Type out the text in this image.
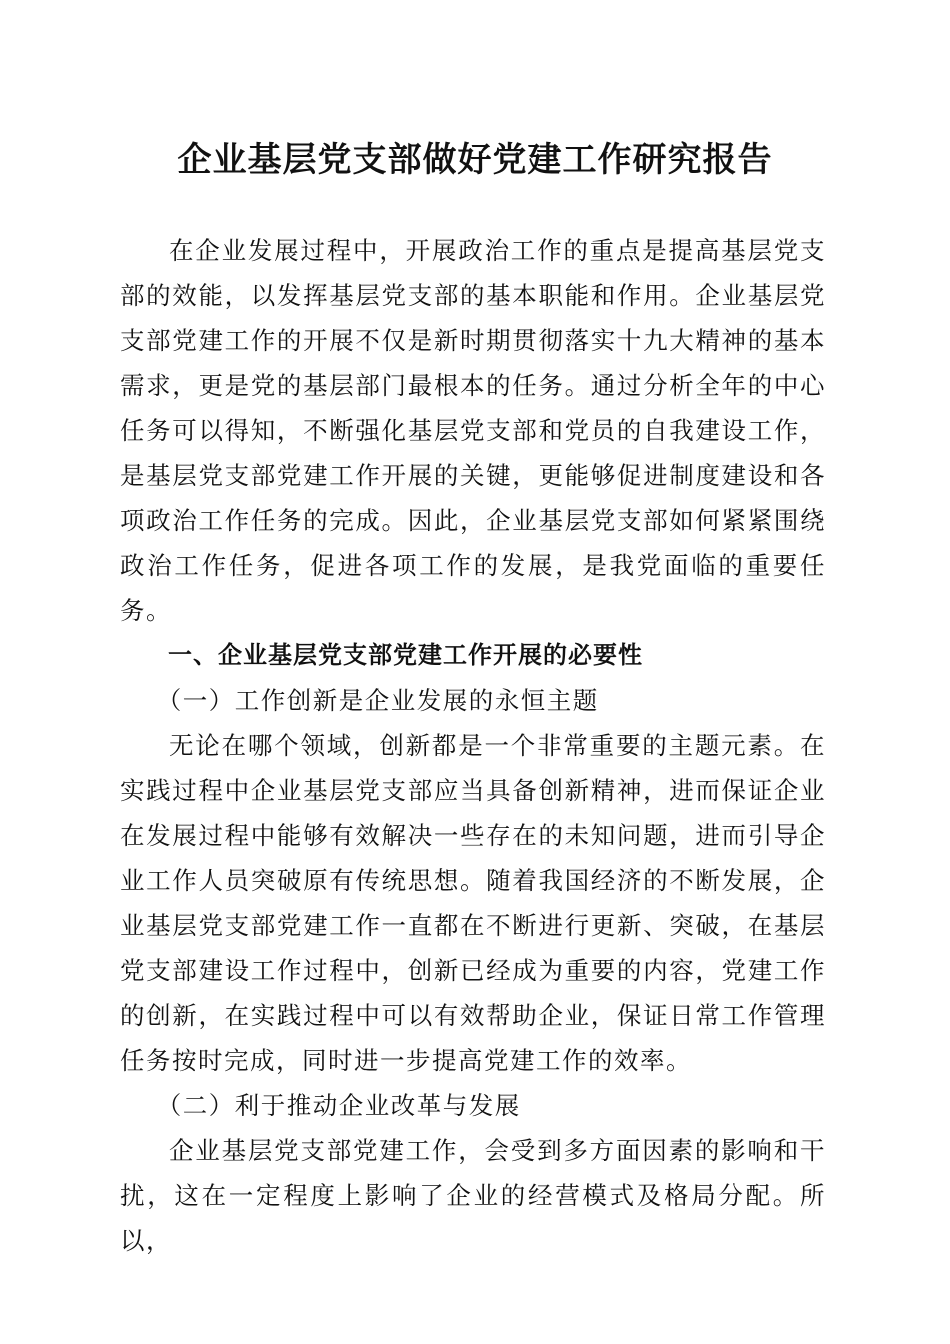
企业基层党支部做好党建工作研究报告

在企业发展过程中，开展政治工作的重点是提高基层党支部的效能，以发挥基层党支部的基本职能和作用。企业基层党支部党建工作的开展不仅是新时期贯彻落实十九大精神的基本需求，更是党的基层部门最根本的任务。通过分析全年的中心任务可以得知，不断强化基层党支部和党员的自我建设工作，是基层党支部党建工作开展的关键，更能够促进制度建设和各项政治工作任务的完成。因此，企业基层党支部如何紧紧围绕政治工作任务，促进各项工作的发展，是我党面临的重要任务。

一、企业基层党支部党建工作开展的必要性
（一）工作创新是企业发展的永恒主题

无论在哪个领域，创新都是一个非常重要的主题元素。在实践过程中企业基层党支部应当具备创新精神，进而保证企业在发展过程中能够有效解决一些存在的未知问题，进而引导企业工作人员突破原有传统思想。随着我国经济的不断发展，企业基层党支部党建工作一直都在不断进行更新、突破，在基层党支部建设工作过程中，创新已经成为重要的内容，党建工作的创新，在实践过程中可以有效帮助企业，保证日常工作管理任务按时完成，同时进一步提高党建工作的效率。

（二）利于推动企业改革与发展

企业基层党支部党建工作，会受到多方面因素的影响和干扰，这在一定程度上影响了企业的经营模式及格局分配。所以，
